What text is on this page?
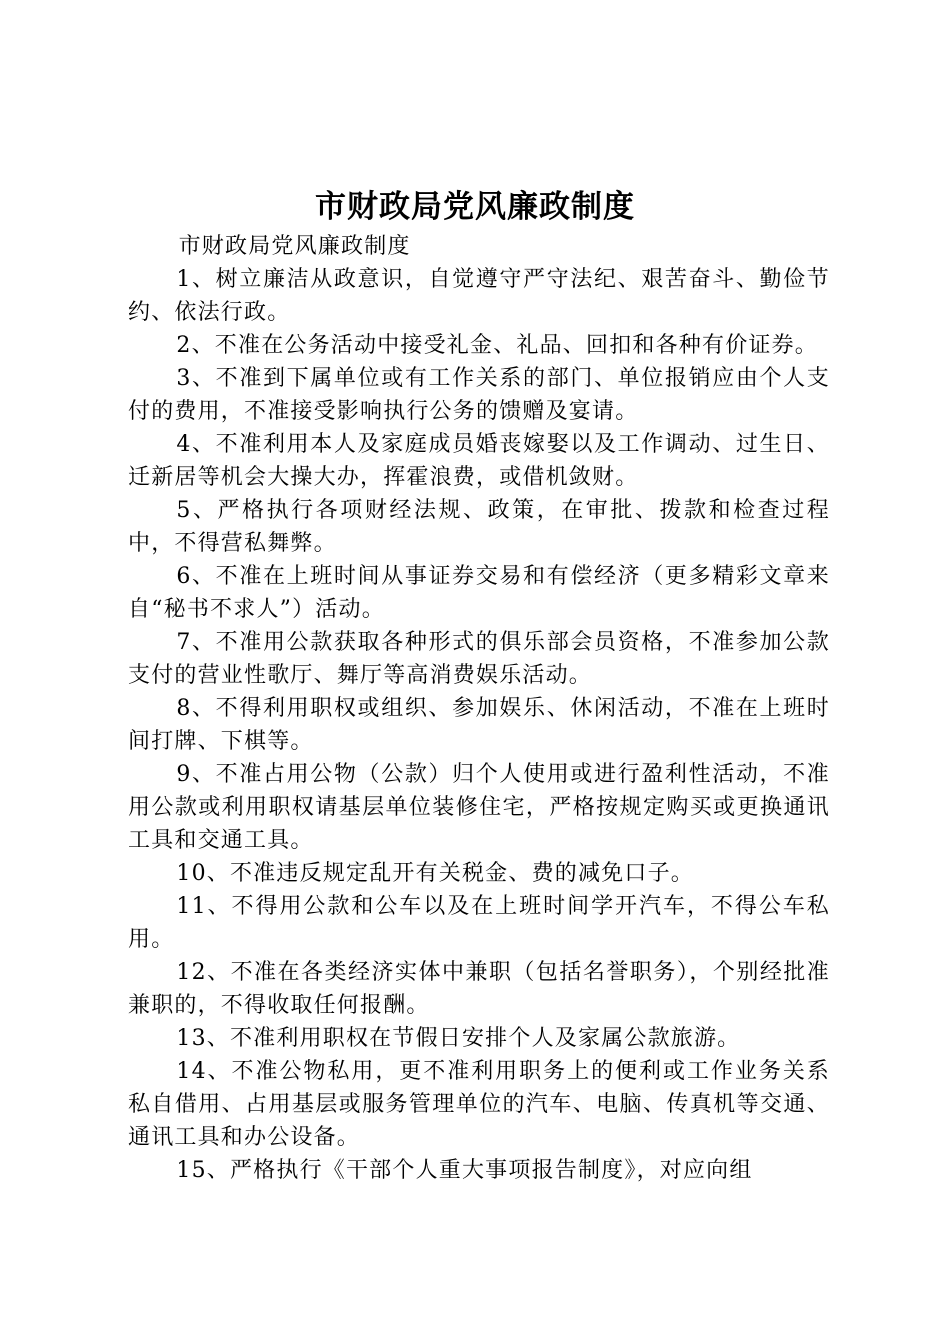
市财政局党风廉政制度

市财政局党风廉政制度

1、树立廉洁从政意识，自觉遵守严守法纪、艰苦奋斗、勤俭节约、依法行政。

2、不准在公务活动中接受礼金、礼品、回扣和各种有价证券。

3、不准到下属单位或有工作关系的部门、单位报销应由个人支付的费用，不准接受影响执行公务的馈赠及宴请。

4、不准利用本人及家庭成员婚丧嫁娶以及工作调动、过生日、迁新居等机会大操大办，挥霍浪费，或借机敛财。

5、严格执行各项财经法规、政策，在审批、拨款和检查过程中，不得营私舞弊。

6、不准在上班时间从事证券交易和有偿经济（更多精彩文章来自“秘书不求人”）活动。

7、不准用公款获取各种形式的俱乐部会员资格，不准参加公款支付的营业性歌厅、舞厅等高消费娱乐活动。

8、不得利用职权或组织、参加娱乐、休闲活动，不准在上班时间打牌、下棋等。

9、不准占用公物（公款）归个人使用或进行盈利性活动，不准用公款或利用职权请基层单位装修住宅，严格按规定购买或更换通讯工具和交通工具。

10、不准违反规定乱开有关税金、费的减免口子。

11、不得用公款和公车以及在上班时间学开汽车，不得公车私用。

12、不准在各类经济实体中兼职（包括名誉职务），个别经批准兼职的，不得收取任何报酬。

13、不准利用职权在节假日安排个人及家属公款旅游。

14、不准公物私用，更不准利用职务上的便利或工作业务关系私自借用、占用基层或服务管理单位的汽车、电脑、传真机等交通、通讯工具和办公设备。

15、严格执行《干部个人重大事项报告制度》，对应向组
